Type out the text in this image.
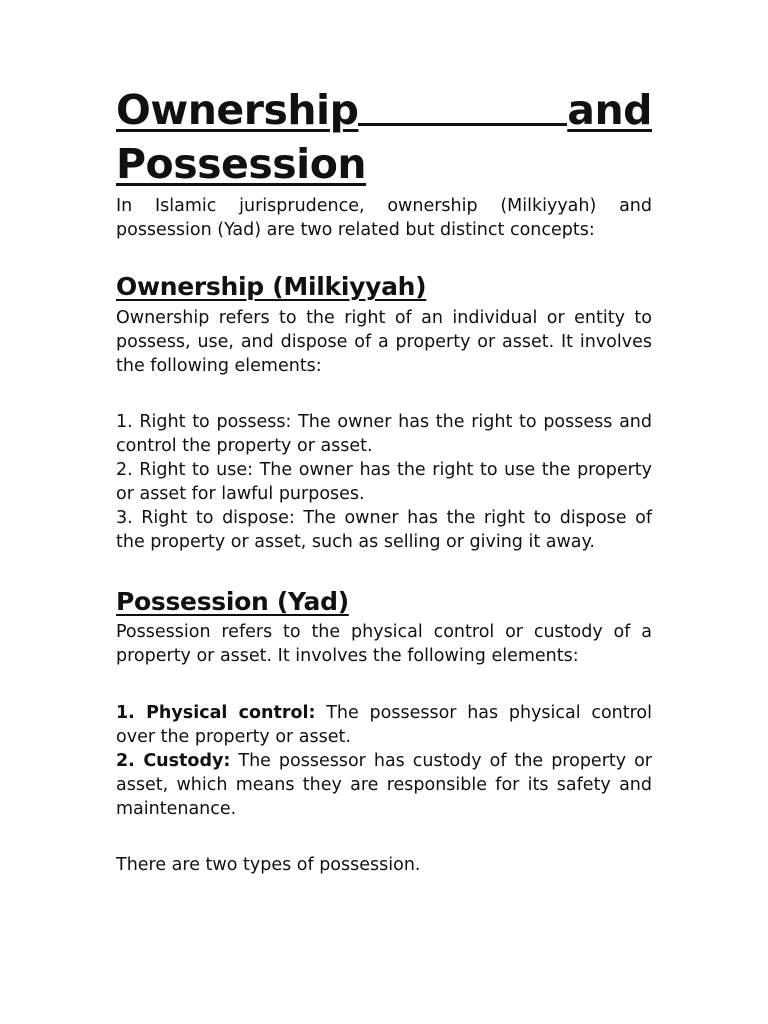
Ownership	and
Possession

In Islamic jurisprudence, ownership (Milkiyyah) and possession (Yad) are two related but distinct concepts:

Ownership (Milkiyyah)

Ownership refers to the right of an individual or entity to possess, use, and dispose of a property or asset. It involves the following elements:

1. Right to possess: The owner has the right to possess and control the property or asset.

2. Right to use: The owner has the right to use the property or asset for lawful purposes.

3. Right to dispose: The owner has the right to dispose of the property or asset, such as selling or giving it away.

Possession (Yad)

Possession refers to the physical control or custody of a property or asset. It involves the following elements:

1. Physical control: The possessor has physical control over the property or asset.

2. Custody: The possessor has custody of the property or asset, which means they are responsible for its safety and maintenance.

There are two types of possession.
